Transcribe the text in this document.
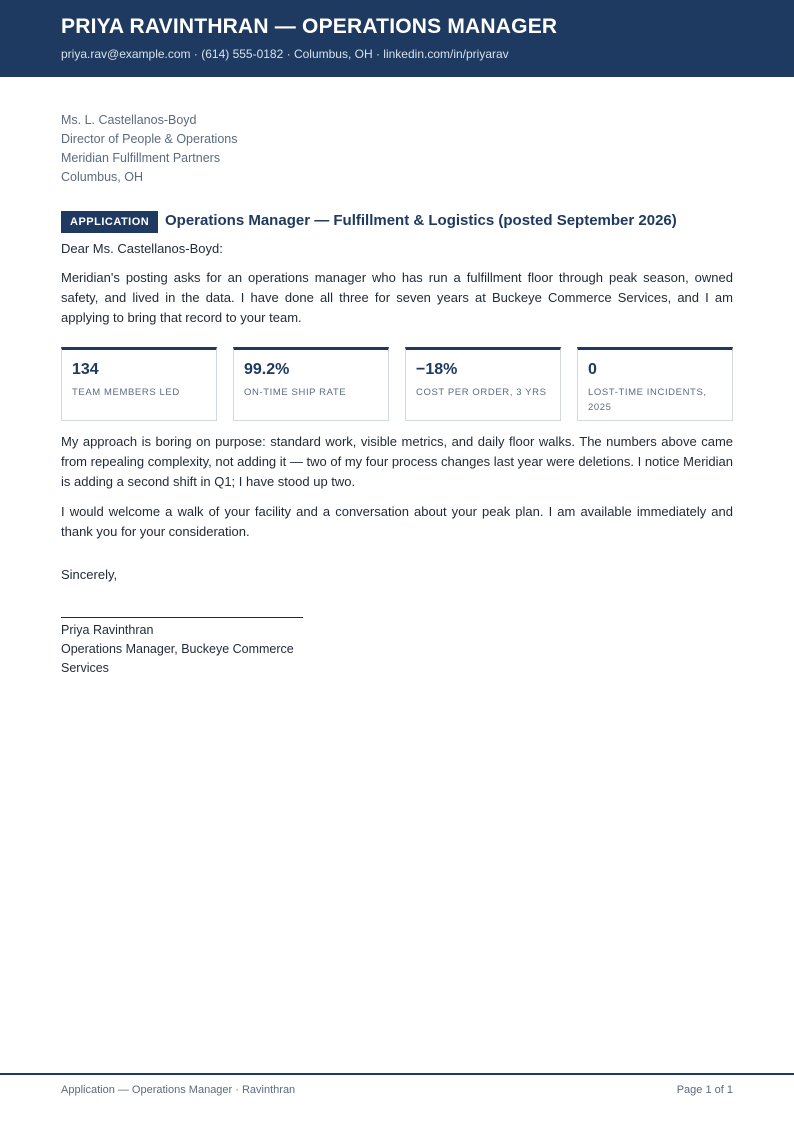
PRIYA RAVINTHRAN — OPERATIONS MANAGER
priya.rav@example.com · (614) 555-0182 · Columbus, OH · linkedin.com/in/priyarav
Ms. L. Castellanos-Boyd
Director of People & Operations
Meridian Fulfillment Partners
Columbus, OH
APPLICATION	Operations Manager — Fulfillment & Logistics (posted September 2026)

Dear Ms. Castellanos-Boyd:

Meridian's posting asks for an operations manager who has run a fulfillment floor through peak season, owned safety, and lived in the data. I have done all three for seven years at Buckeye Commerce Services, and I am applying to bring that record to your team.

134
TEAM MEMBERS LED
99.2%
ON-TIME SHIP RATE
−18%
COST PER ORDER, 3 YRS
0
LOST-TIME INCIDENTS, 2025

My approach is boring on purpose: standard work, visible metrics, and daily floor walks. The numbers above came from repealing complexity, not adding it — two of my four process changes last year were deletions. I notice Meridian is adding a second shift in Q1; I have stood up two.

I would welcome a walk of your facility and a conversation about your peak plan. I am available immediately and thank you for your consideration.

Sincerely,

Priya Ravinthran
Operations Manager, Buckeye Commerce Services
Application — Operations Manager · Ravinthran	Page 1 of 1
